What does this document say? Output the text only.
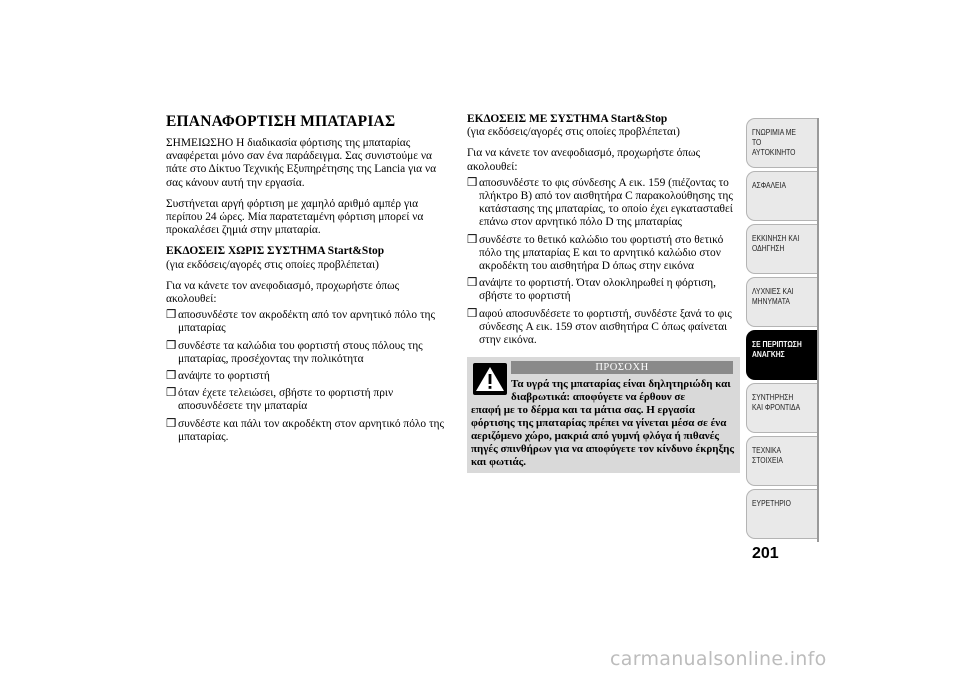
ΕΠΑΝΑΦΟΡΤΙΣΗ ΜΠΑΤΑΡΙΑΣ

ΣΗΜΕΙΩΣΗΟ Η διαδικασία φόρτισης της μπαταρίας αναφέρεται μόνο σαν ένα παράδειγμα. Σας συνιστούμε να πάτε στο Δίκτυο Τεχνικής Εξυπηρέτησης της Lancia για να σας κάνουν αυτή την εργασία.

Συστήνεται αργή φόρτιση με χαμηλό αριθμό αμπέρ για περίπου 24 ώρες. Μία παρατεταμένη φόρτιση μπορεί να προκαλέσει ζημιά στην μπαταρία.

ΕΚΔΟΣΕΙΣ ΧΩΡΙΣ ΣΥΣΤΗΜΑ Start&Stop
(για εκδόσεις/αγορές στις οποίες προβλέπεται)

Για να κάνετε τον ανεφοδιασμό, προχωρήστε όπως ακολουθεί:

❒ αποσυνδέστε τον ακροδέκτη από τον αρνητικό πόλο της μπαταρίας
❒ συνδέστε τα καλώδια του φορτιστή στους πόλους της μπαταρίας, προσέχοντας την πολικότητα
❒ ανάψτε το φορτιστή
❒ όταν έχετε τελειώσει, σβήστε το φορτιστή πριν αποσυνδέσετε την μπαταρία
❒ συνδέστε και πάλι τον ακροδέκτη στον αρνητικό πόλο της μπαταρίας.
ΕΚΔΟΣΕΙΣ ΜΕ ΣΥΣΤΗΜΑ Start&Stop
(για εκδόσεις/αγορές στις οποίες προβλέπεται)

Για να κάνετε τον ανεφοδιασμό, προχωρήστε όπως ακολουθεί:

❒ αποσυνδέστε το φις σύνδεσης A εικ. 159 (πιέζοντας το πλήκτρο B) από τον αισθητήρα C παρακολούθησης της κατάστασης της μπαταρίας, το οποίο έχει εγκατασταθεί επάνω στον αρνητικό πόλο D της μπαταρίας
❒ συνδέστε το θετικό καλώδιο του φορτιστή στο θετικό πόλο της μπαταρίας E και το αρνητικό καλώδιο στον ακροδέκτη του αισθητήρα D όπως στην εικόνα
❒ ανάψτε το φορτιστή. Όταν ολοκληρωθεί η φόρτιση, σβήστε το φορτιστή
❒ αφού αποσυνδέσετε το φορτιστή, συνδέστε ξανά το φις σύνδεσης A εικ. 159 στον αισθητήρα C όπως φαίνεται στην εικόνα.
ΠΡΟΣΟΧΗ
Τα υγρά της μπαταρίας είναι δηλητηριώδη και διαβρωτικά: αποφύγετε να έρθουν σε
επαφή με το δέρμα και τα μάτια σας. Η εργασία φόρτισης της μπαταρίας πρέπει να γίνεται μέσα σε ένα αεριζόμενο χώρο, μακριά από γυμνή φλόγα ή πιθανές πηγές σπινθήρων για να αποφύγετε τον κίνδυνο έκρηξης και φωτιάς.
ΓΝΩΡΙΜΙΑ ΜΕ ΤΟ ΑΥΤΟΚΙΝΗΤΟ
ΑΣΦΑΛΕΙΑ
ΕΚΚΙΝΗΣΗ ΚΑΙ ΟΔΗΓΗΣΗ
ΛΥΧΝΙΕΣ ΚΑΙ ΜΗΝΥΜΑΤΑ
ΣΕ ΠΕΡΙΠΤΩΣΗ ΑΝΑΓΚΗΣ
ΣΥΝΤΗΡΗΣΗ ΚΑΙ ΦΡΟΝΤΙΔΑ
ΤΕΧΝΙΚΑ ΣΤΟΙΧΕΙΑ
ΕΥΡΕΤΗΡΙΟ
201
carmanualsonline.info
